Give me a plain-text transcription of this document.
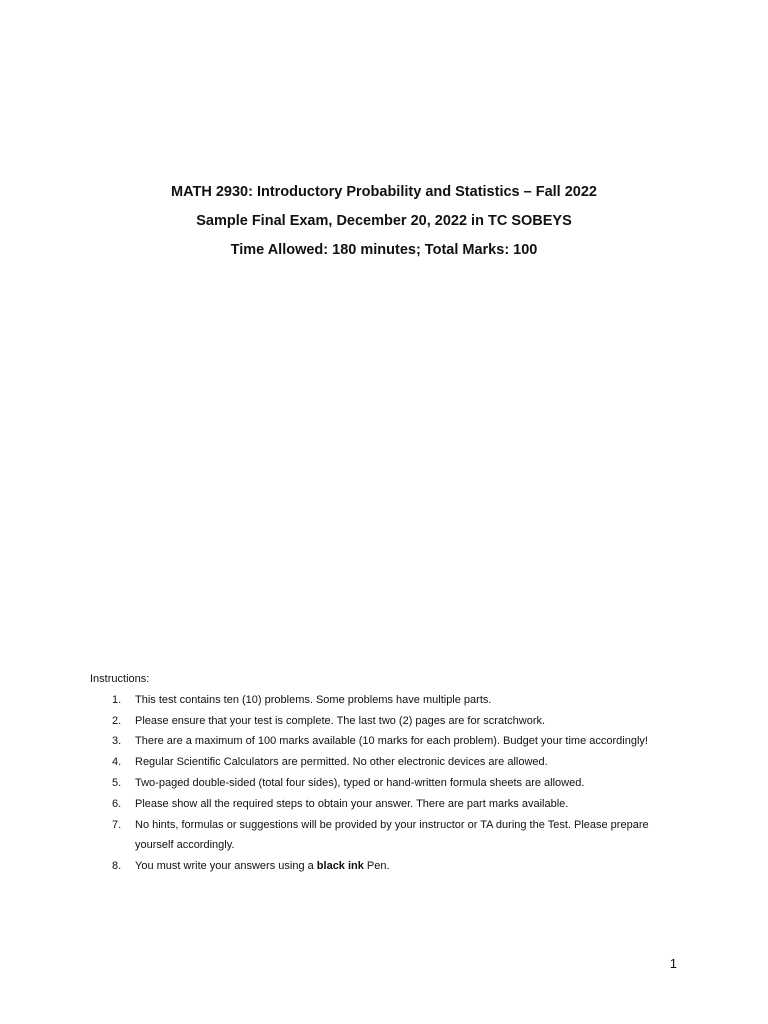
MATH 2930: Introductory Probability and Statistics – Fall 2022

Sample Final Exam, December 20, 2022 in TC SOBEYS

Time Allowed: 180 minutes; Total Marks: 100

Instructions:

1. This test contains ten (10) problems. Some problems have multiple parts.
2. Please ensure that your test is complete. The last two (2) pages are for scratchwork.
3. There are a maximum of 100 marks available (10 marks for each problem). Budget your time accordingly!
4. Regular Scientific Calculators are permitted. No other electronic devices are allowed.
5. Two-paged double-sided (total four sides), typed or hand-written formula sheets are allowed.
6. Please show all the required steps to obtain your answer. There are part marks available.
7. No hints, formulas or suggestions will be provided by your instructor or TA during the Test. Please prepare yourself accordingly.
8. You must write your answers using a black ink Pen.
1
